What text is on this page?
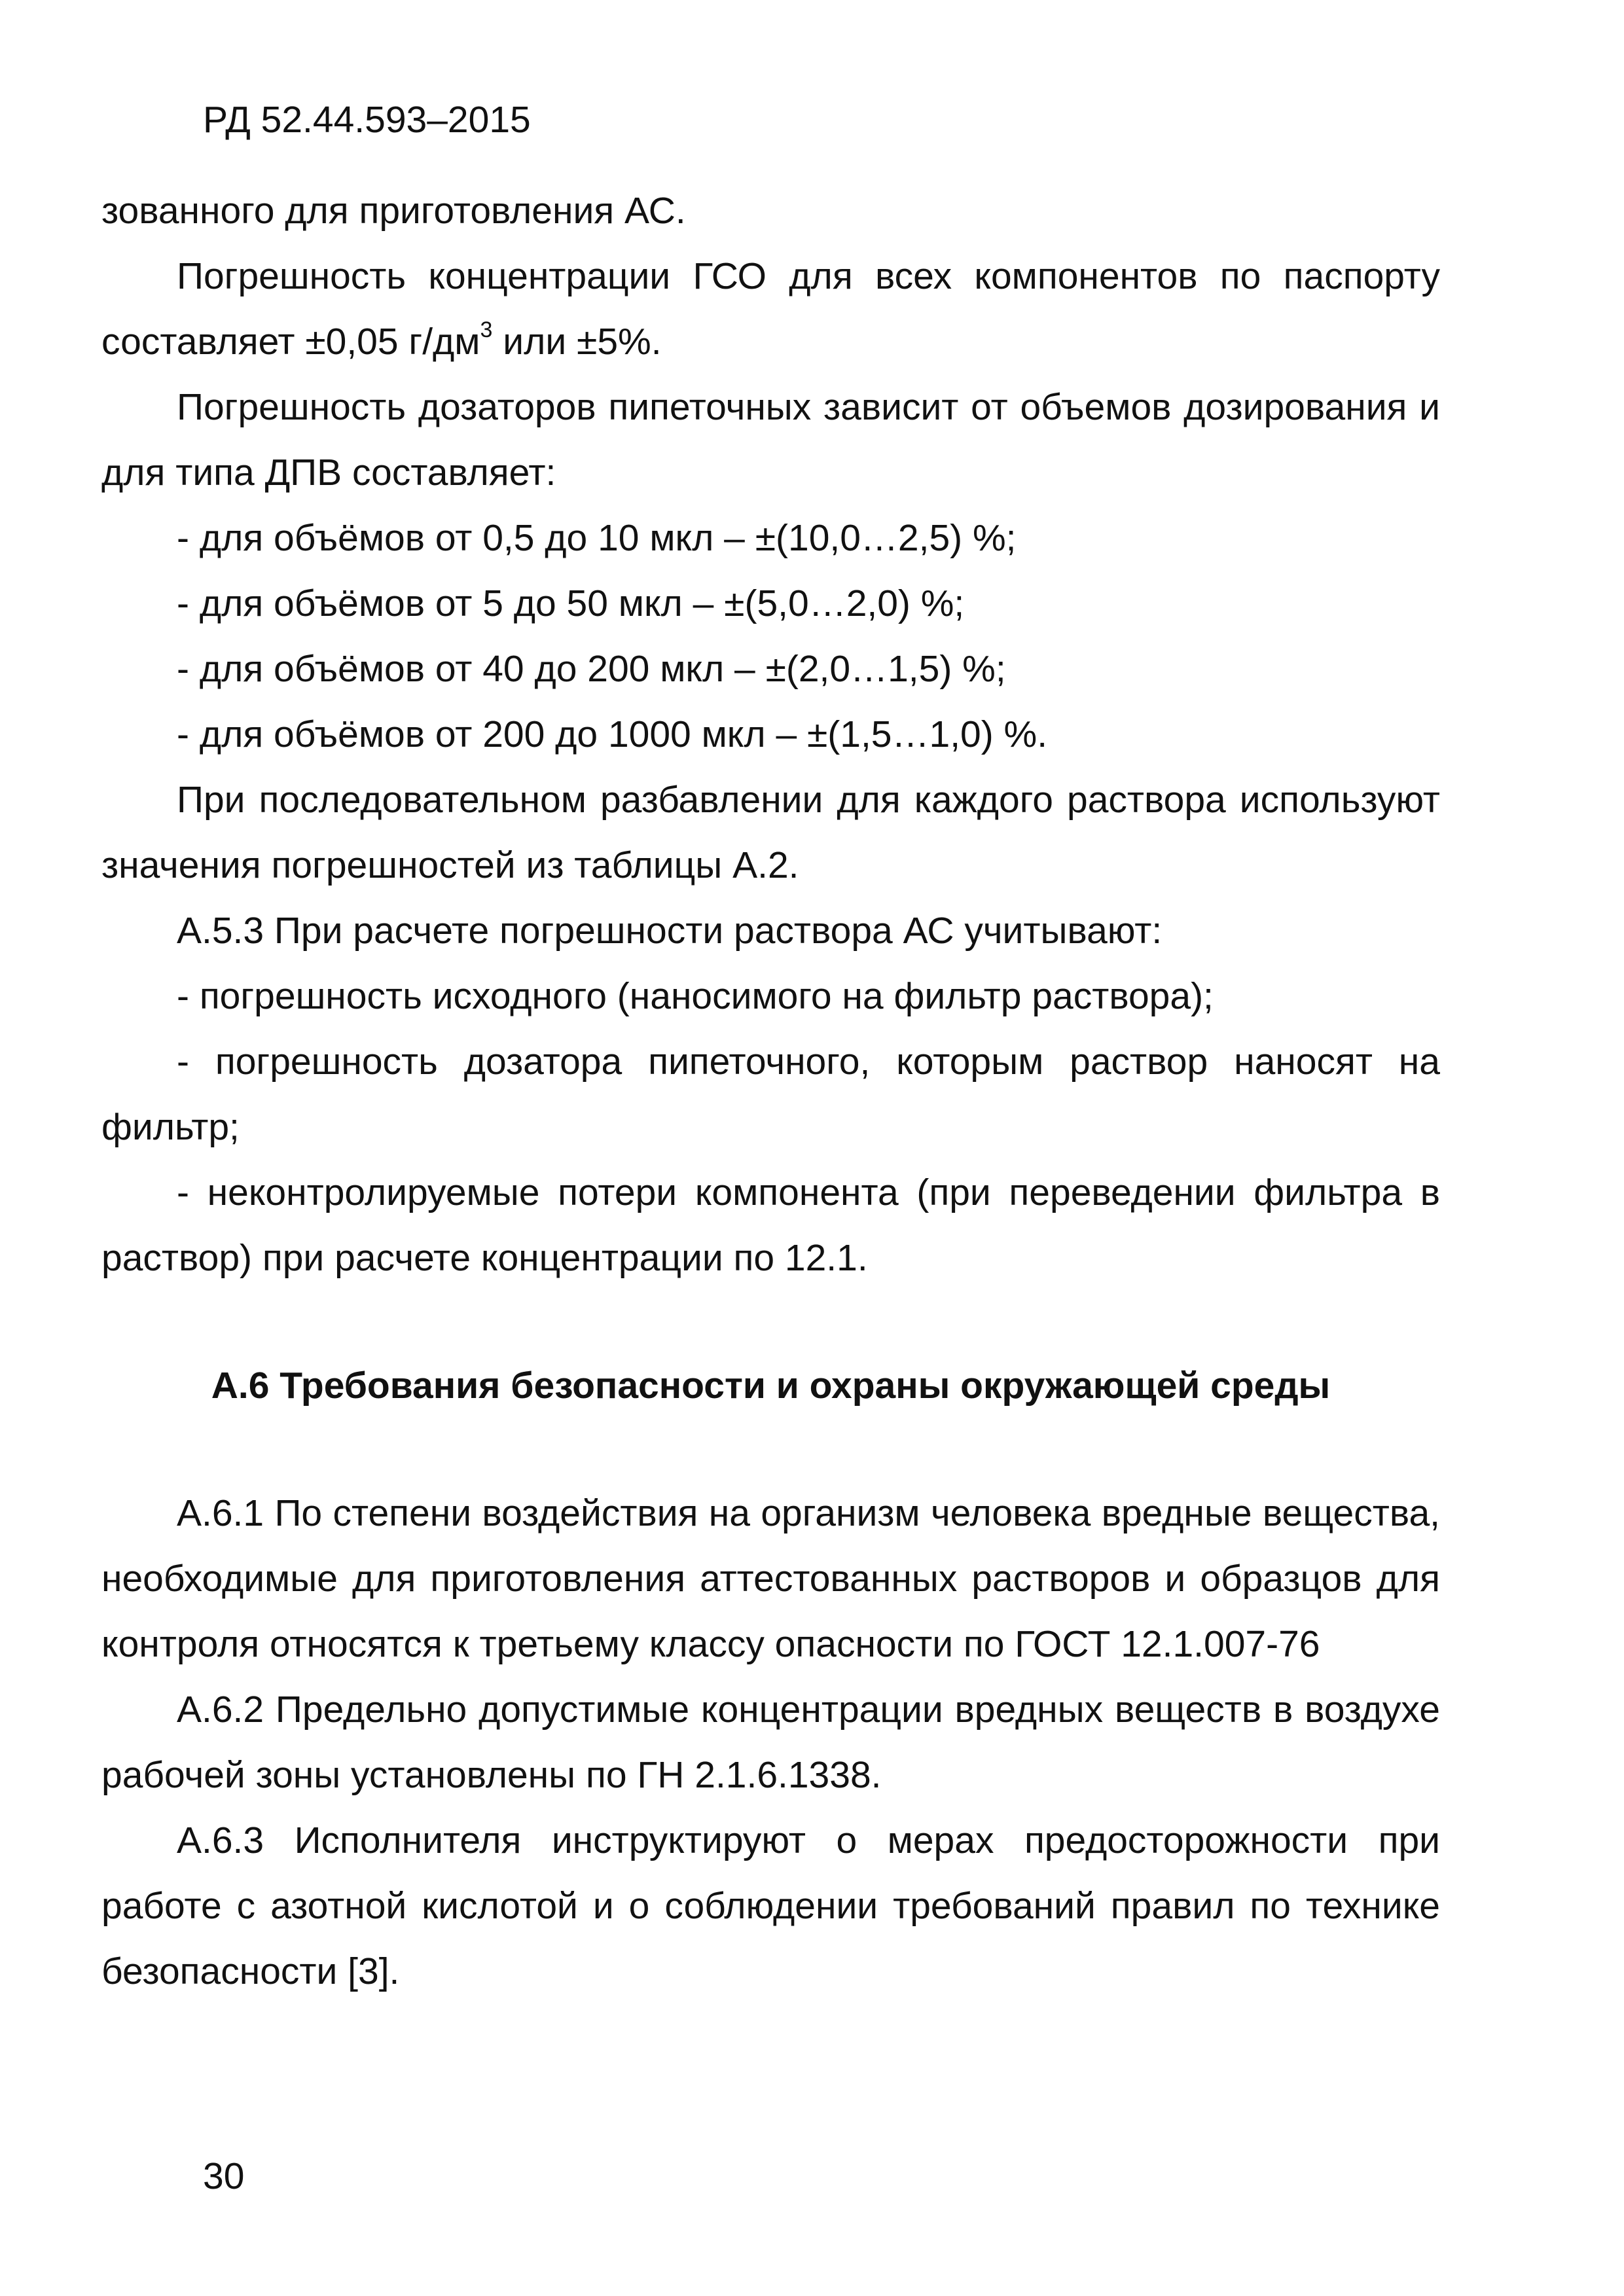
РД 52.44.593–2015

зованного для приготовления АС.

Погрешность концентрации ГСО для всех компонентов по паспорту составляет ±0,05 $г/дм^3$ или ±5%.

Погрешность дозаторов пипеточных зависит от объемов дозирования и для типа ДПВ составляет:

- для объёмов от 0,5 до 10 мкл – ±(10,0…2,5) %;

- для объёмов от 5 до 50 мкл – ±(5,0…2,0) %;

- для объёмов от 40 до 200 мкл – ±(2,0…1,5) %;

- для объёмов от 200 до 1000 мкл – ±(1,5…1,0) %.

При последовательном разбавлении для каждого раствора используют значения погрешностей из таблицы А.2.

А.5.3 При расчете погрешности раствора АС учитывают:

- погрешность исходного (наносимого на фильтр раствора);

- погрешность дозатора пипеточного, которым раствор наносят на фильтр;

- неконтролируемые потери компонента (при переведении фильтра в раствор) при расчете концентрации по 12.1.

А.6 Требования безопасности и охраны окружающей среды

А.6.1 По степени воздействия на организм человека вредные вещества, необходимые для приготовления аттестованных растворов и образцов для контроля относятся к третьему классу опасности по ГОСТ 12.1.007-76

А.6.2 Предельно допустимые концентрации вредных веществ в воздухе рабочей зоны установлены по ГН 2.1.6.1338.

А.6.3 Исполнителя инструктируют о мерах предосторожности при работе с азотной кислотой и о соблюдении требований правил по технике безопасности [3].

30
